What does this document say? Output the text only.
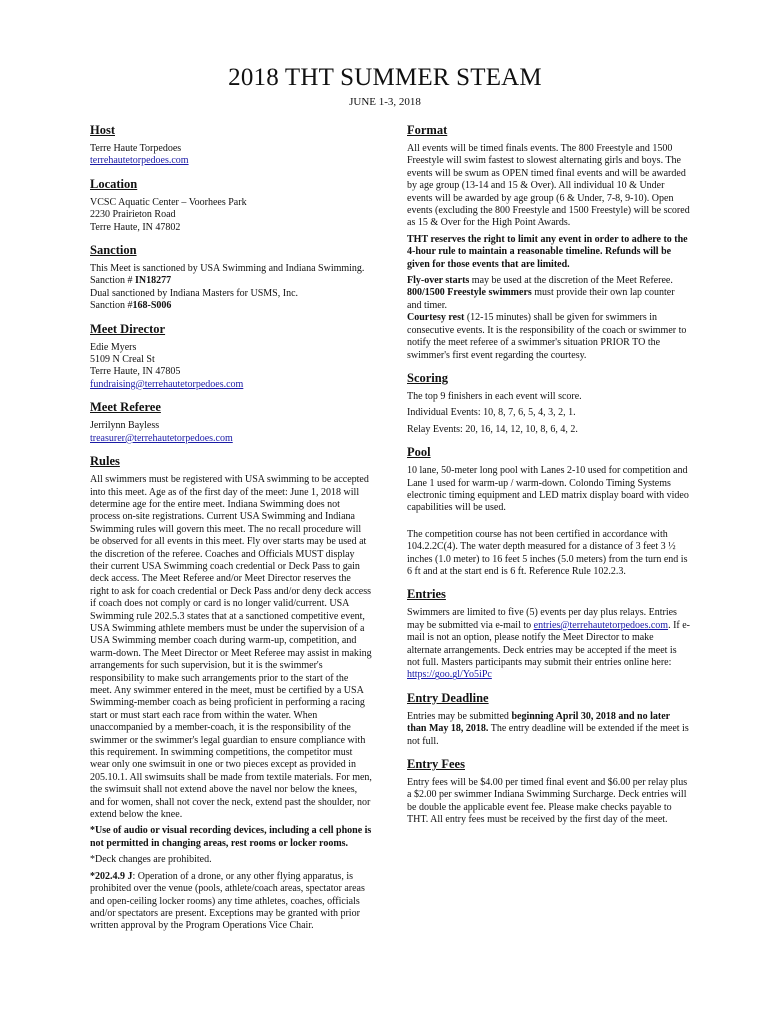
2018 THT SUMMER STEAM
JUNE 1-3, 2018
Host

Terre Haute Torpedoes
terrehautetorpedoes.com

Location

VCSC Aquatic Center – Voorhees Park
2230 Prairieton Road
Terre Haute, IN 47802

Sanction

This Meet is sanctioned by USA Swimming and Indiana Swimming.
Sanction # IN18277
Dual sanctioned by Indiana Masters for USMS, Inc.
Sanction #168-S006

Meet Director

Edie Myers
5109 N Creal St
Terre Haute, IN 47805
fundraising@terrehautetorpedoes.com

Meet Referee

Jerrilynn Bayless
treasurer@terrehautetorpedoes.com

Rules

All swimmers must be registered with USA swimming to be accepted into this meet. Age as of the first day of the meet: June 1, 2018 will determine age for the entire meet. Indiana Swimming does not process on-site registrations. Current USA Swimming and Indiana Swimming rules will govern this meet. The no recall procedure will be observed for all events in this meet. Fly over starts may be used at the discretion of the referee. Coaches and Officials MUST display their current USA Swimming coach credential or Deck Pass to gain deck access. The Meet Referee and/or Meet Director reserves the right to ask for coach credential or Deck Pass and/or deny deck access if coach does not comply or card is no longer valid/current. USA Swimming rule 202.5.3 states that at a sanctioned competitive event, USA Swimming athlete members must be under the supervision of a USA Swimming member coach during warm-up, competition, and warm-down. The Meet Director or Meet Referee may assist in making arrangements for such supervision, but it is the swimmer's responsibility to make such arrangements prior to the start of the meet. Any swimmer entered in the meet, must be certified by a USA Swimming-member coach as being proficient in performing a racing start or must start each race from within the water. When unaccompanied by a member-coach, it is the responsibility of the swimmer or the swimmer's legal guardian to ensure compliance with this requirement. In swimming competitions, the competitor must wear only one swimsuit in one or two pieces except as provided in 205.10.1. All swimsuits shall be made from textile materials. For men, the swimsuit shall not extend above the navel nor below the knees, and for women, shall not cover the neck, extend past the shoulder, nor extend below the knee.

*Use of audio or visual recording devices, including a cell phone is not permitted in changing areas, rest rooms or locker rooms.

*Deck changes are prohibited.

*202.4.9 J: Operation of a drone, or any other flying apparatus, is prohibited over the venue (pools, athlete/coach areas, spectator areas and open-ceiling locker rooms) any time athletes, coaches, officials and/or spectators are present. Exceptions may be granted with prior written approval by the Program Operations Vice Chair.

Format

All events will be timed finals events. The 800 Freestyle and 1500 Freestyle will swim fastest to slowest alternating girls and boys. The events will be swum as OPEN timed final events and will be awarded by age group (13-14 and 15 & Over). All individual 10 & Under events will be awarded by age group (6 & Under, 7-8, 9-10). Open events (excluding the 800 Freestyle and 1500 Freestyle) will be scored as 15 & Over for the High Point Awards.

THT reserves the right to limit any event in order to adhere to the 4-hour rule to maintain a reasonable timeline. Refunds will be given for those events that are limited.

Fly-over starts may be used at the discretion of the Meet Referee.
800/1500 Freestyle swimmers must provide their own lap counter and timer.
Courtesy rest (12-15 minutes) shall be given for swimmers in consecutive events. It is the responsibility of the coach or swimmer to notify the meet referee of a swimmer's situation PRIOR TO the swimmer's first event regarding the courtesy.

Scoring

The top 9 finishers in each event will score.

Individual Events: 10, 8, 7, 6, 5, 4, 3, 2, 1.

Relay Events: 20, 16, 14, 12, 10, 8, 6, 4, 2.

Pool

10 lane, 50-meter long pool with Lanes 2-10 used for competition and Lane 1 used for warm-up / warm-down. Colondo Timing Systems electronic timing equipment and LED matrix display board with video capabilities will be used.

The competition course has not been certified in accordance with 104.2.2C(4). The water depth measured for a distance of 3 feet 3 ½ inches (1.0 meter) to 16 feet 5 inches (5.0 meters) from the turn end is 6 ft and at the start end is 6 ft. Reference Rule 102.2.3.

Entries

Swimmers are limited to five (5) events per day plus relays. Entries may be submitted via e-mail to entries@terrehautetorpedoes.com. If e-mail is not an option, please notify the Meet Director to make alternate arrangements. Deck entries may be accepted if the meet is not full. Masters participants may submit their entries online here: https://goo.gl/Yo5iPc

Entry Deadline

Entries may be submitted beginning April 30, 2018 and no later than May 18, 2018. The entry deadline will be extended if the meet is not full.

Entry Fees

Entry fees will be $4.00 per timed final event and $6.00 per relay plus a $2.00 per swimmer Indiana Swimming Surcharge. Deck entries will be double the applicable event fee. Please make checks payable to THT. All entry fees must be received by the first day of the meet.
